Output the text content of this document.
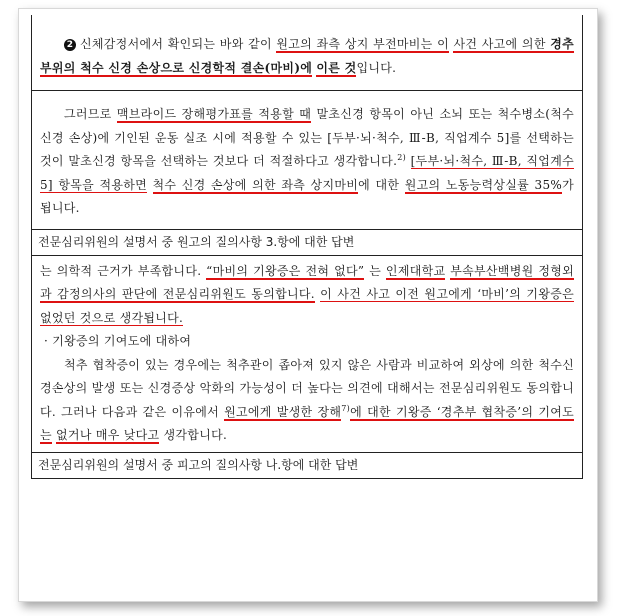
2 신체감정서에서 확인되는 바와 같이 원고의 좌측 상지 부전마비는 이 사건 사고에 의한 경추 부위의 척수 신경 손상으로 신경학적 결손(마비)에 이른 것입니다.

그러므로 맥브라이드 장해평가표를 적용할 때 말초신경 항목이 아닌 소뇌 또는 척수병소(척수 신경 손상)에 기인된 운동 실조 시에 적용할 수 있는 [두부·뇌·척수, Ⅲ-B, 직업계수 5]를 선택하는 것이 말초신경 항목을 선택하는 것보다 더 적절하다고 생각합니다.$^{2)}$ [두부·뇌·척수, Ⅲ-B, 직업계수 5] 항목을 적용하면 척수 신경 손상에 의한 좌측 상지마비에 대한 원고의 노동능력상실률 35%가 됩니다.

전문심리위원의 설명서 중 원고의 질의사항 3.항에 대한 답변

는 의학적 근거가 부족합니다. “마비의 기왕증은 전혀 없다” 는 인제대학교 부속부산백병원 정형외과 감정의사의 판단에 전문심리위원도 동의합니다. 이 사건 사고 이전 원고에게 ‘마비’의 기왕증은 없었던 것으로 생각됩니다.

· 기왕증의 기여도에 대하여

척추 협착증이 있는 경우에는 척추관이 좁아져 있지 않은 사람과 비교하여 외상에 의한 척수신경손상의 발생 또는 신경증상 악화의 가능성이 더 높다는 의견에 대해서는 전문심리위원도 동의합니다. 그러나 다음과 같은 이유에서 원고에게 발생한 장해$^{7)}$에 대한 기왕증 ‘경추부 협착증’의 기여도는 없거나 매우 낮다고 생각합니다.

전문심리위원의 설명서 중 피고의 질의사항 나.항에 대한 답변
